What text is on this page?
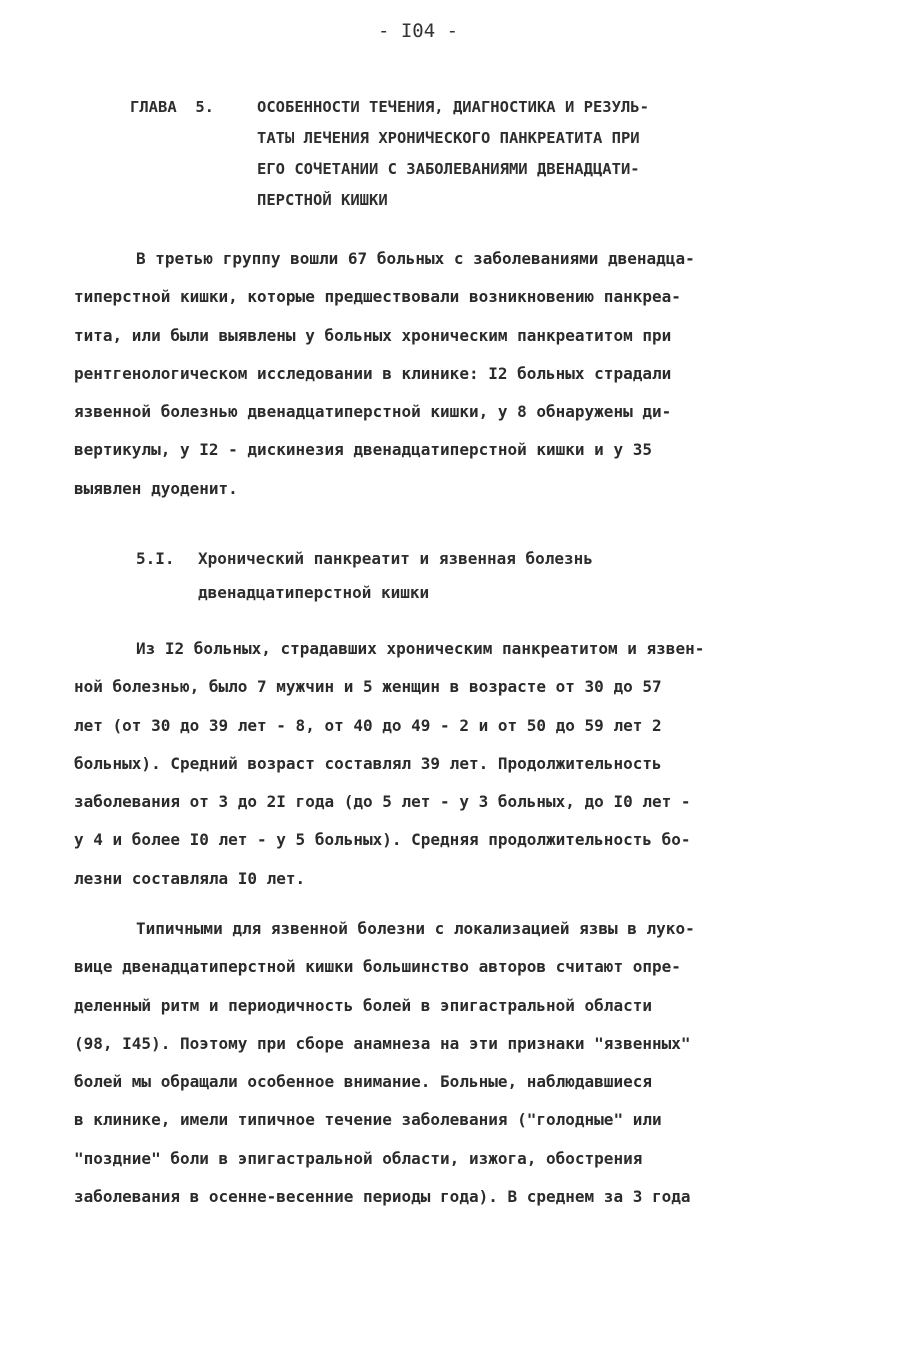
- I04 -
ГЛАВА  5.	ОСОБЕННОСТИ ТЕЧЕНИЯ, ДИАГНОСТИКА И РЕЗУЛЬ-
ТАТЫ ЛЕЧЕНИЯ ХРОНИЧЕСКОГО ПАНКРЕАТИТА ПРИ
ЕГО СОЧЕТАНИИ С ЗАБОЛЕВАНИЯМИ ДВЕНАДЦАТИ-
ПЕРСТНОЙ КИШКИ
В третью группу вошли 67 больных с заболеваниями двенадца-
типерстной кишки, которые предшествовали возникновению панкреа-
тита, или были выявлены у больных хроническим панкреатитом при
рентгенологическом исследовании в клинике: I2 больных страдали
язвенной болезнью двенадцатиперстной кишки, у 8 обнаружены ди-
вертикулы, у I2 - дискинезия двенадцатиперстной кишки и у 35
выявлен дуоденит.
5.I. Хронический панкреатит и язвенная болезнь
двенадцатиперстной кишки
Из I2 больных, страдавших хроническим панкреатитом и язвен-
ной болезнью, было 7 мужчин и 5 женщин в возрасте от 30 до 57
лет (от 30 до 39 лет - 8, от 40 до 49 - 2 и от 50 до 59 лет 2
больных). Средний возраст составлял 39 лет. Продолжительность
заболевания от 3 до 2I года (до 5 лет - у 3 больных, до I0 лет -
у 4 и более I0 лет - у 5 больных). Средняя продолжительность бо-
лезни составляла I0 лет.
Типичными для язвенной болезни с локализацией язвы в луко-
вице двенадцатиперстной кишки большинство авторов считают опре-
деленный ритм и периодичность болей в эпигастральной области
(98, I45). Поэтому при сборе анамнеза на эти признаки "язвенных"
болей мы обращали особенное внимание. Больные, наблюдавшиеся
в клинике, имели типичное течение заболевания ("голодные" или
"поздние" боли в эпигастральной области, изжога, обострения
заболевания в осенне-весенние периоды года). В среднем за 3 года
